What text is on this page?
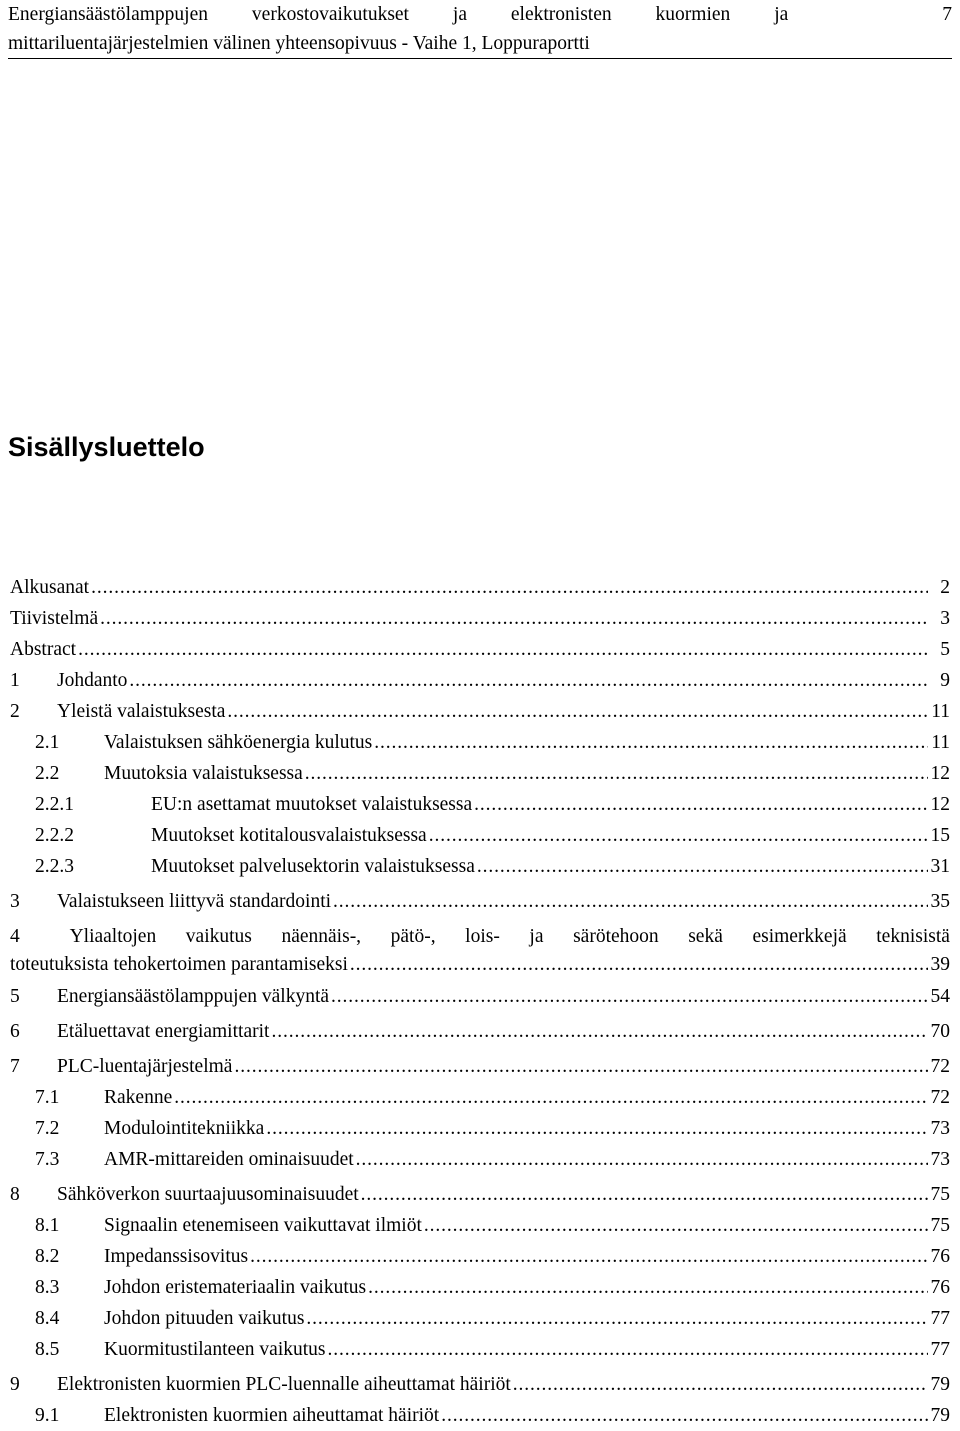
Energiansäästölamppujen verkostovaikutukset ja elektronisten kuormien ja	7
mittariluentajärjestelmien välinen yhteensopivuus - Vaihe 1, Loppuraportti
Sisällysluettelo
Alkusanat . . .	2
Tiivistelmä . . .	3
Abstract . . .	5
1	Johdanto . . .	9
2	Yleistä valaistuksesta . . .	11
2.1	Valaistuksen sähköenergia kulutus . . .	11
2.2	Muutoksia valaistuksessa . . .	12
2.2.1	EU:n asettamat muutokset valaistuksessa . . .	12
2.2.2	Muutokset kotitalousvalaistuksessa . . .	15
2.2.3	Muutokset palvelusektorin valaistuksessa . . .	31
3	Valaistukseen liittyvä standardointi . . .	35
4	Yliaaltojen vaikutus näennäis-, pätö-, lois- ja särötehoon sekä esimerkkejä teknisistä
toteutuksista tehokertoimen parantamiseksi . . .	39
5	Energiansäästölamppujen välkyntä . . .	54
6	Etäluettavat energiamittarit . . .	70
7	PLC-luentajärjestelmä . . .	72
7.1	Rakenne . . .	72
7.2	Modulointitekniikka . . .	73
7.3	AMR-mittareiden ominaisuudet . . .	73
8	Sähköverkon suurtaajuusominaisuudet . . .	75
8.1	Signaalin etenemiseen vaikuttavat ilmiöt . . .	75
8.2	Impedanssisovitus . . .	76
8.3	Johdon eristemateriaalin vaikutus . . .	76
8.4	Johdon pituuden vaikutus . . .	77
8.5	Kuormitustilanteen vaikutus . . .	77
9	Elektronisten kuormien PLC-luennalle aiheuttamat häiriöt . . .	79
9.1	Elektronisten kuormien aiheuttamat häiriöt . . .	79
